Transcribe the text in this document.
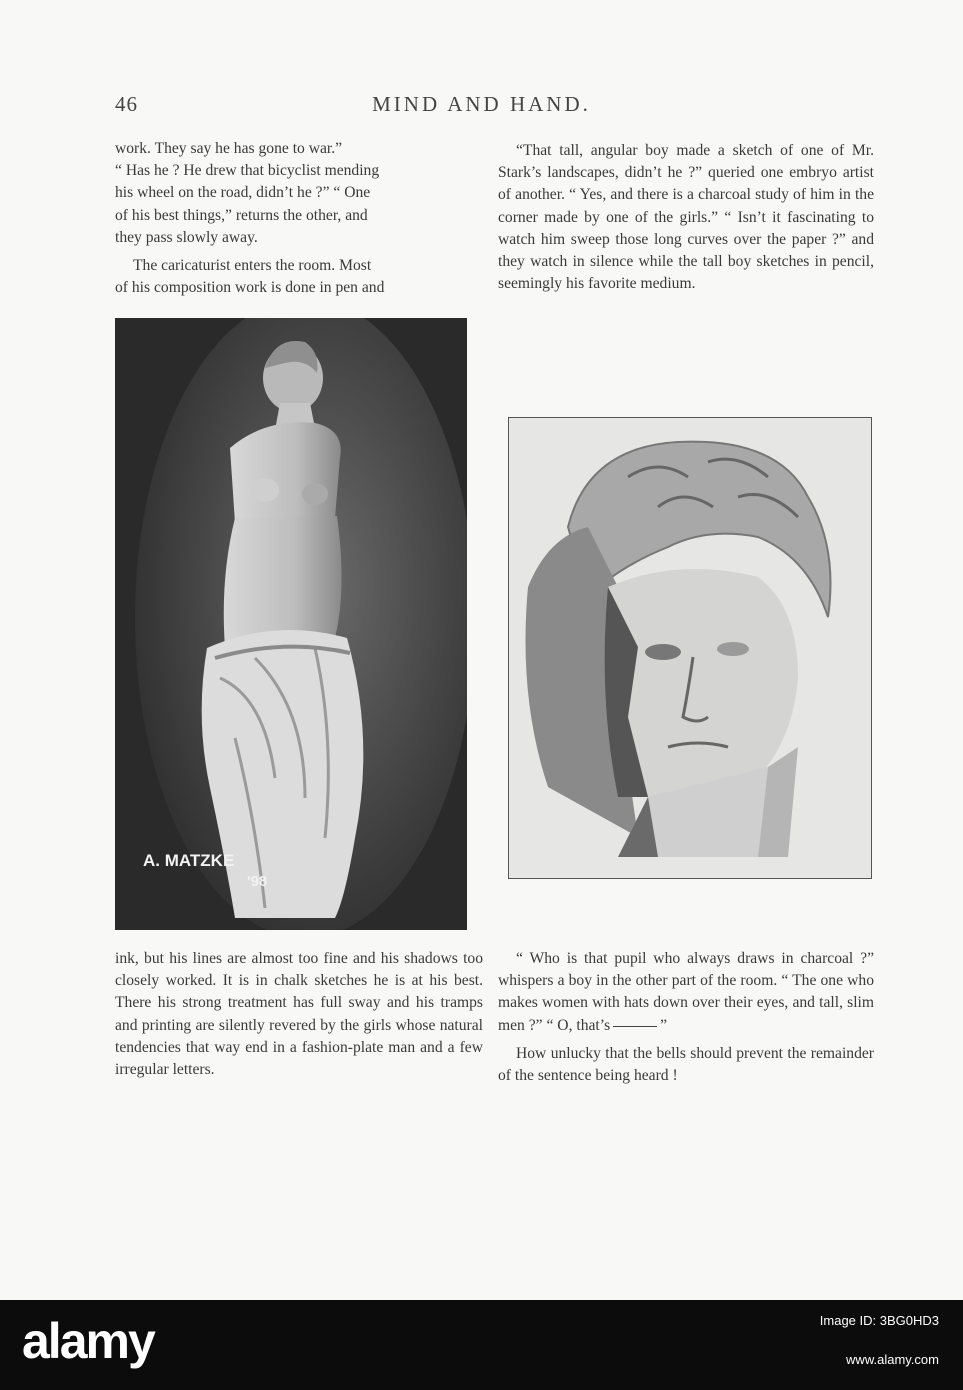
46	MIND AND HAND.

work. They say he has gone to war.”

“ Has he ? He drew that bicyclist mending

his wheel on the road, didn’t he ?” “ One

of his best things,” returns the other, and

they pass slowly away.

The caricaturist enters the room. Most

of his composition work is done in pen and

A. MATZKE
'98

ink, but his lines are almost too fine and his shadows too closely worked. It is in chalk sketches he is at his best. There his strong treatment has full sway and his tramps and printing are silently revered by the girls whose natural tendencies that way end in a fashion-plate man and a few irregular letters.

“That tall, angular boy made a sketch of one of Mr. Stark’s landscapes, didn’t he ?” queried one embryo artist of another. “ Yes, and there is a charcoal study of him in the corner made by one of the girls.” “ Isn’t it fascinating to watch him sweep those long curves over the paper ?” and they watch in silence while the tall boy sketches in pencil, seemingly his favorite medium.

“ Who is that pupil who always draws in charcoal ?” whispers a boy in the other part of the room. “ The one who makes women with hats down over their eyes, and tall, slim men ?” “ O, that’s	”

How unlucky that the bells should prevent the remainder of the sentence being heard !

alamy	Image ID: 3BG0HD3
www.alamy.com
